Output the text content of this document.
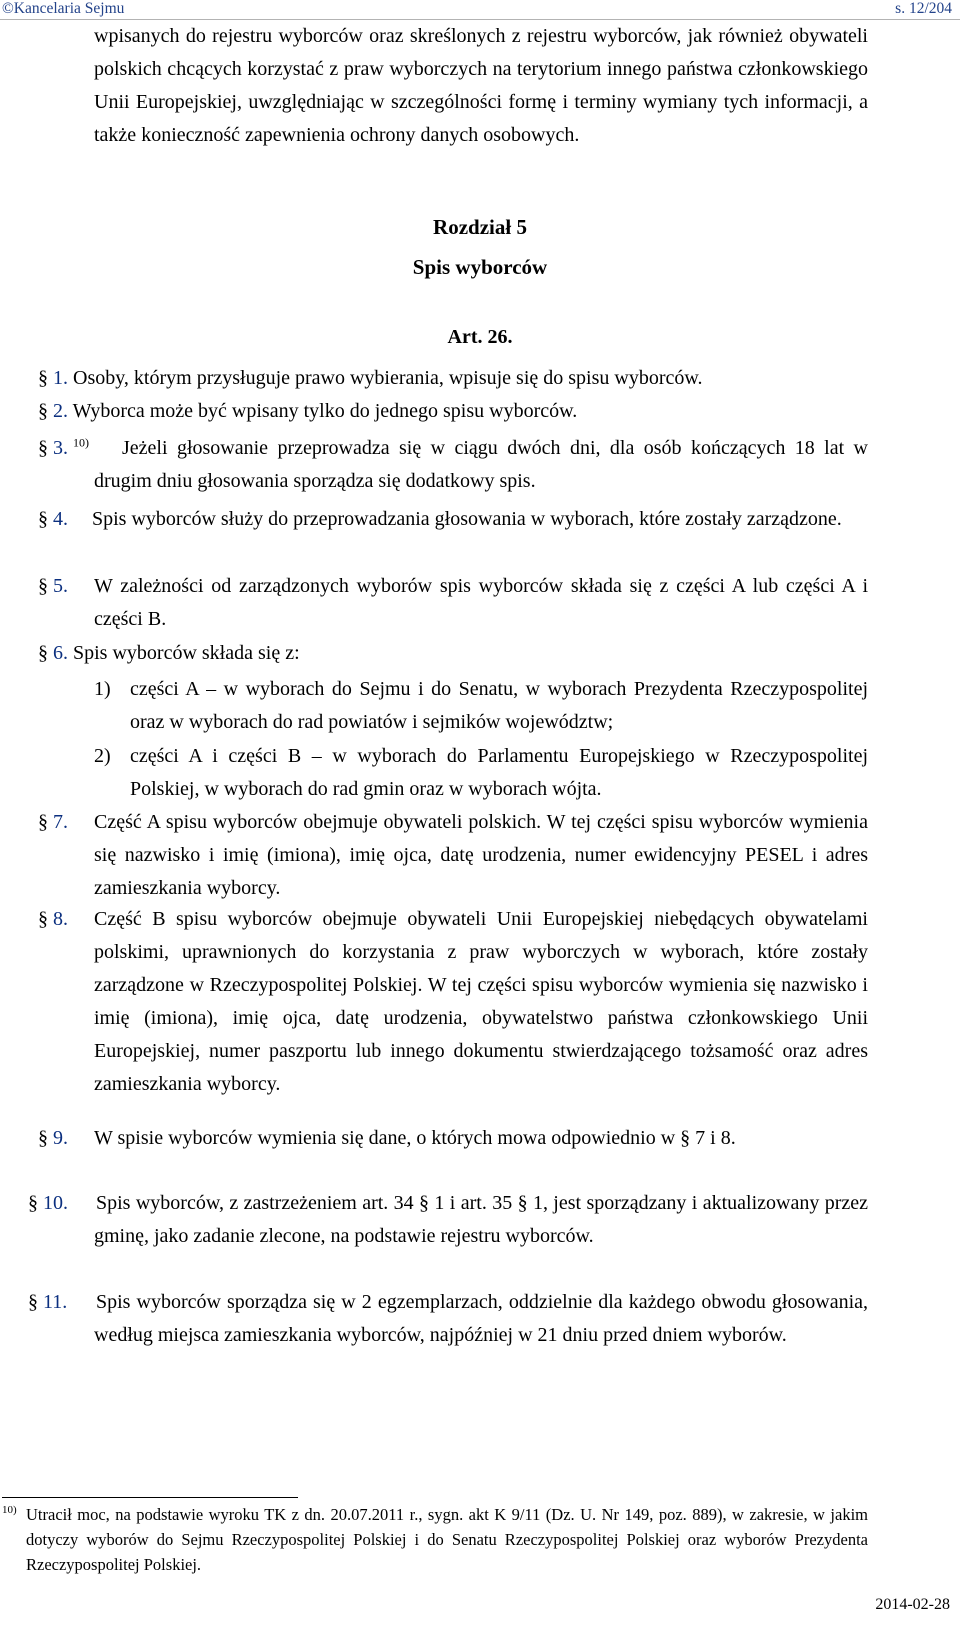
©Kancelaria Sejmu	s. 12/204

wpisanych do rejestru wyborców oraz skreślonych z rejestru wyborców, jak również obywateli polskich chcących korzystać z praw wyborczych na terytorium innego państwa członkowskiego Unii Europejskiej, uwzględniając w szczególności formę i terminy wymiany tych informacji, a także konieczność zapewnienia ochrony danych osobowych.

Rozdział 5
Spis wyborców
Art. 26.
§ 1. Osoby, którym przysługuje prawo wybierania, wpisuje się do spisu wyborców.
§ 2. Wyborca może być wpisany tylko do jednego spisu wyborców.
§ 3. $^{10)}$	Jeżeli głosowanie przeprowadza się w ciągu dwóch dni, dla osób kończących 18 lat w drugim dniu głosowania sporządza się dodatkowy spis.
§ 4. Spis wyborców służy do przeprowadzania głosowania w wyborach, które zostały zarządzone.
§ 5. W zależności od zarządzonych wyborów spis wyborców składa się z części A lub części A i części B.
§ 6. Spis wyborców składa się z:
1) części A – w wyborach do Sejmu i do Senatu, w wyborach Prezydenta Rzeczypospolitej oraz w wyborach do rad powiatów i sejmików województw;
2) części A i części B – w wyborach do Parlamentu Europejskiego w Rzeczypospolitej Polskiej, w wyborach do rad gmin oraz w wyborach wójta.
§ 7. Część A spisu wyborców obejmuje obywateli polskich. W tej części spisu wyborców wymienia się nazwisko i imię (imiona), imię ojca, datę urodzenia, numer ewidencyjny PESEL i adres zamieszkania wyborcy.
§ 8. Część B spisu wyborców obejmuje obywateli Unii Europejskiej niebędących obywatelami polskimi, uprawnionych do korzystania z praw wyborczych w wyborach, które zostały zarządzone w Rzeczypospolitej Polskiej. W tej części spisu wyborców wymienia się nazwisko i imię (imiona), imię ojca, datę urodzenia, obywatelstwo państwa członkowskiego Unii Europejskiej, numer paszportu lub innego dokumentu stwierdzającego tożsamość oraz adres zamieszkania wyborcy.
§ 9. W spisie wyborców wymienia się dane, o których mowa odpowiednio w § 7 i 8.
§ 10. Spis wyborców, z zastrzeżeniem art. 34 § 1 i art. 35 § 1, jest sporządzany i aktualizowany przez gminę, jako zadanie zlecone, na podstawie rejestru wyborców.
§ 11. Spis wyborców sporządza się w 2 egzemplarzach, oddzielnie dla każdego obwodu głosowania, według miejsca zamieszkania wyborców, najpóźniej w 21 dniu przed dniem wyborów.
10) Utracił moc, na podstawie wyroku TK z dn. 20.07.2011 r., sygn. akt K 9/11 (Dz. U. Nr 149, poz. 889), w zakresie, w jakim dotyczy wyborów do Sejmu Rzeczypospolitej Polskiej i do Senatu Rzeczypospolitej Polskiej oraz wyborów Prezydenta Rzeczypospolitej Polskiej.
2014-02-28
